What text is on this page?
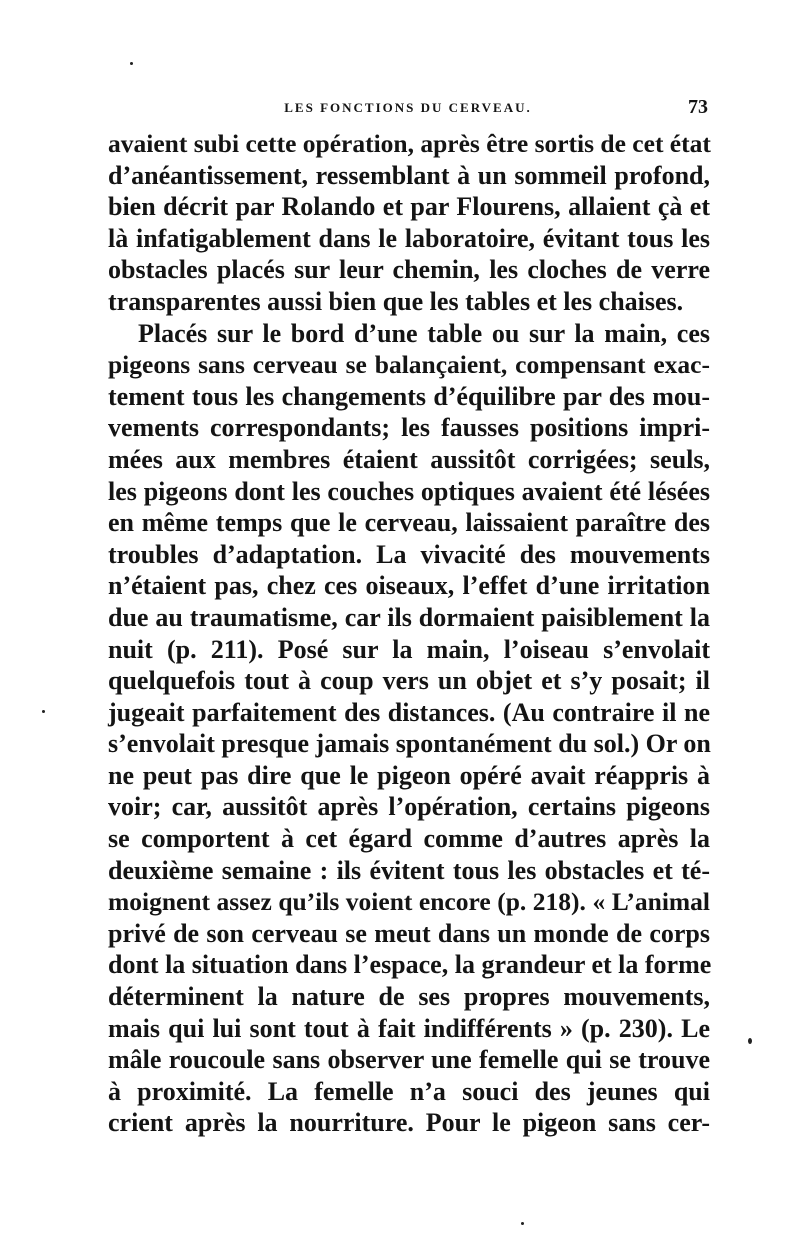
LES FONCTIONS DU CERVEAU.	73
avaient subi cette opération, après être sortis de cet état
d’anéantissement, ressemblant à un sommeil profond,
bien décrit par Rolando et par Flourens, allaient çà et
là infatigablement dans le laboratoire, évitant tous les
obstacles placés sur leur chemin, les cloches de verre
transparentes aussi bien que les tables et les chaises.
Placés sur le bord d’une table ou sur la main, ces
pigeons sans cerveau se balançaient, compensant exac-
tement tous les changements d’équilibre par des mou-
vements correspondants; les fausses positions impri-
mées aux membres étaient aussitôt corrigées; seuls,
les pigeons dont les couches optiques avaient été lésées
en même temps que le cerveau, laissaient paraître des
troubles d’adaptation. La vivacité des mouvements
n’étaient pas, chez ces oiseaux, l’effet d’une irritation
due au traumatisme, car ils dormaient paisiblement la
nuit (p. 211). Posé sur la main, l’oiseau s’envolait
quelquefois tout à coup vers un objet et s’y posait; il
jugeait parfaitement des distances. (Au contraire il ne
s’envolait presque jamais spontanément du sol.) Or on
ne peut pas dire que le pigeon opéré avait réappris à
voir; car, aussitôt après l’opération, certains pigeons
se comportent à cet égard comme d’autres après la
deuxième semaine : ils évitent tous les obstacles et té-
moignent assez qu’ils voient encore (p. 218). « L’animal
privé de son cerveau se meut dans un monde de corps
dont la situation dans l’espace, la grandeur et la forme
déterminent la nature de ses propres mouvements,
mais qui lui sont tout à fait indifférents » (p. 230). Le
mâle roucoule sans observer une femelle qui se trouve
à proximité. La femelle n’a souci des jeunes qui
crient après la nourriture. Pour le pigeon sans cer-
